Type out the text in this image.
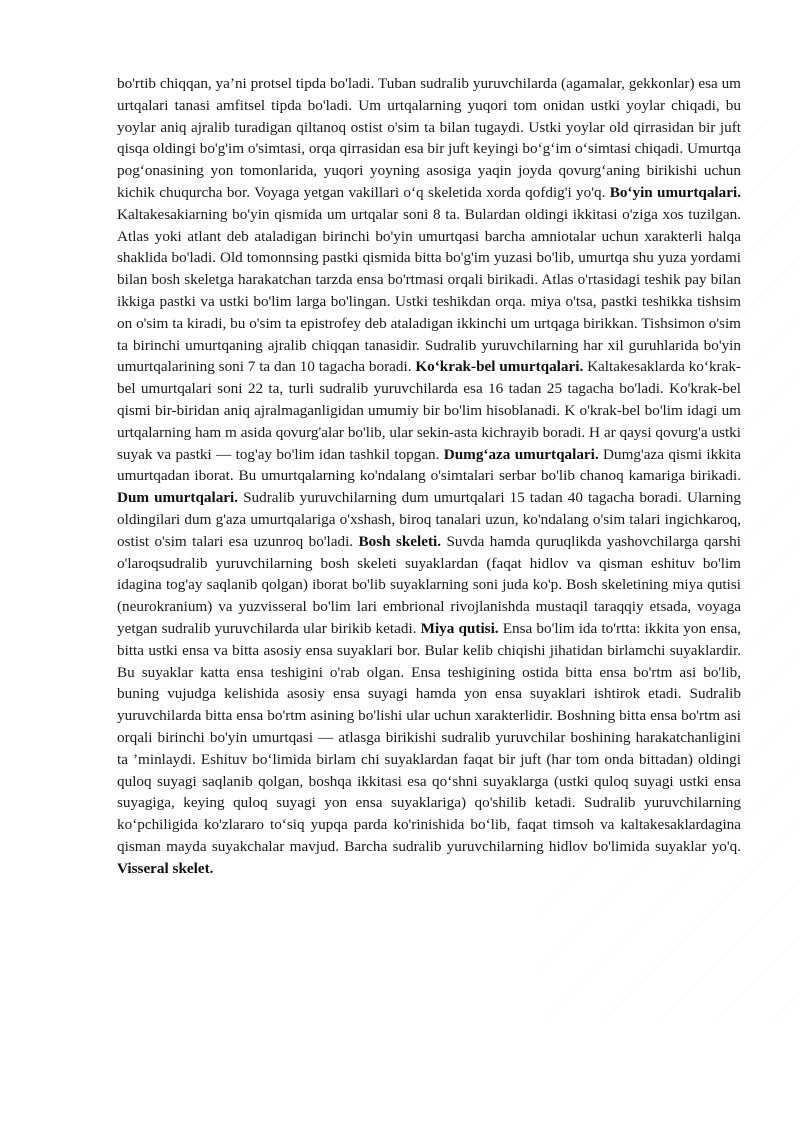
bo'rtib chiqqan, ya’ni protsel tipda bo'ladi. Tuban sudralib yuruvchilarda (agamalar, gekkonlar) esa um urtqalari tanasi amfitsel tipda bo'ladi. Um urtqalarning yuqori tom onidan ustki yoylar chiqadi, bu yoylar aniq ajralib turadigan qiltanoq ostist o'sim ta bilan tugaydi. Ustki yoylar old qirrasidan bir juft qisqa oldingi bo'g'im o'simtasi, orqa qirrasidan esa bir juft keyingi bo‘g‘im o‘simtasi chiqadi. Umurtqa pog‘onasining yon tomonlarida, yuqori yoyning asosiga yaqin joyda qovurg‘aning birikishi uchun kichik chuqurcha bor. Voyaga yetgan vakillari o‘q skeletida xorda qofdig'i yo'q. Bo‘yin umurtqalari. Kaltakesakiarning bo'yin qismida um urtqalar soni 8 ta. Bulardan oldingi ikkitasi o'ziga xos tuzilgan. Atlas yoki atlant deb ataladigan birinchi bo'yin umurtqasi barcha amniotalar uchun xarakterli halqa shaklida bo'ladi. Old tomonnsing pastki qismida bitta bo'g'im yuzasi bo'lib, umurtqa shu yuza yordami bilan bosh skeletga harakatchan tarzda ensa bo'rtmasi orqali birikadi. Atlas o'rtasidagi teshik pay bilan ikkiga pastki va ustki bo'lim larga bo'lingan. Ustki teshikdan orqa. miya o'tsa, pastki teshikka tishsim on o'sim ta kiradi, bu o'sim ta epistrofey deb ataladigan ikkinchi um urtqaga birikkan. Tishsimon o'sim ta birinchi umurtqaning ajralib chiqqan tanasidir. Sudralib yuruvchilarning har xil guruhlarida bo'yin umurtqalarining soni 7 ta dan 10 tagacha boradi. Ko‘krak-bel umurtqalari. Kaltakesaklarda ko‘krak-bel umurtqalari soni 22 ta, turli sudralib yuruvchilarda esa 16 tadan 25 tagacha bo'ladi. Ko'krak-bel qismi bir-biridan aniq ajralmaganligidan umumiy bir bo'lim hisoblanadi. K o'krak-bel bo'lim idagi um urtqalarning ham m asida qovurg'alar bo'lib, ular sekin-asta kichrayib boradi. H ar qaysi qovurg'a ustki suyak va pastki — tog'ay bo'lim idan tashkil topgan. Dumg‘aza umurtqalari. Dumg'aza qismi ikkita umurtqadan iborat. Bu umurtqalarning ko'ndalang o'simtalari serbar bo'lib chanoq kamariga birikadi. Dum umurtqalari. Sudralib yuruvchilarning dum umurtqalari 15 tadan 40 tagacha boradi. Ularning oldingilari dum g'aza umurtqalariga o'xshash, biroq tanalari uzun, ko'ndalang o'sim talari ingichkaroq, ostist o'sim talari esa uzunroq bo'ladi. Bosh skeleti. Suvda hamda quruqlikda yashovchilarga qarshi o'laroqsudralib yuruvchilarning bosh skeleti suyaklardan (faqat hidlov va qisman eshituv bo'lim idagina tog'ay saqlanib qolgan) iborat bo'lib suyaklarning soni juda ko'p. Bosh skeletining miya qutisi (neurokranium) va yuzvisseral bo'lim lari embrional rivojlanishda mustaqil taraqqiy etsada, voyaga yetgan sudralib yuruvchilarda ular birikib ketadi. Miya qutisi. Ensa bo'lim ida to'rtta: ikkita yon ensa, bitta ustki ensa va bitta asosiy ensa suyaklari bor. Bular kelib chiqishi jihatidan birlamchi suyaklardir. Bu suyaklar katta ensa teshigini o'rab olgan. Ensa teshigining ostida bitta ensa bo'rtm asi bo'lib, buning vujudga kelishida asosiy ensa suyagi hamda yon ensa suyaklari ishtirok etadi. Sudralib yuruvchilarda bitta ensa bo'rtm asining bo'lishi ular uchun xarakterlidir. Boshning bitta ensa bo'rtm asi orqali birinchi bo'yin umurtqasi — atlasga birikishi sudralib yuruvchilar boshining harakatchanligini ta ’minlaydi. Eshituv bo‘limida birlam chi suyaklardan faqat bir juft (har tom onda bittadan) oldingi quloq suyagi saqlanib qolgan, boshqa ikkitasi esa qo‘shni suyaklarga (ustki quloq suyagi ustki ensa suyagiga, keying quloq suyagi yon ensa suyaklariga) qo'shilib ketadi. Sudralib yuruvchilarning ko‘pchiligida ko'zlararo to‘siq yupqa parda ko'rinishida bo‘lib, faqat timsoh va kaltakesaklardagina qisman mayda suyakchalar mavjud. Barcha sudralib yuruvchilarning hidlov bo'limida suyaklar yo'q. Visseral skelet.
